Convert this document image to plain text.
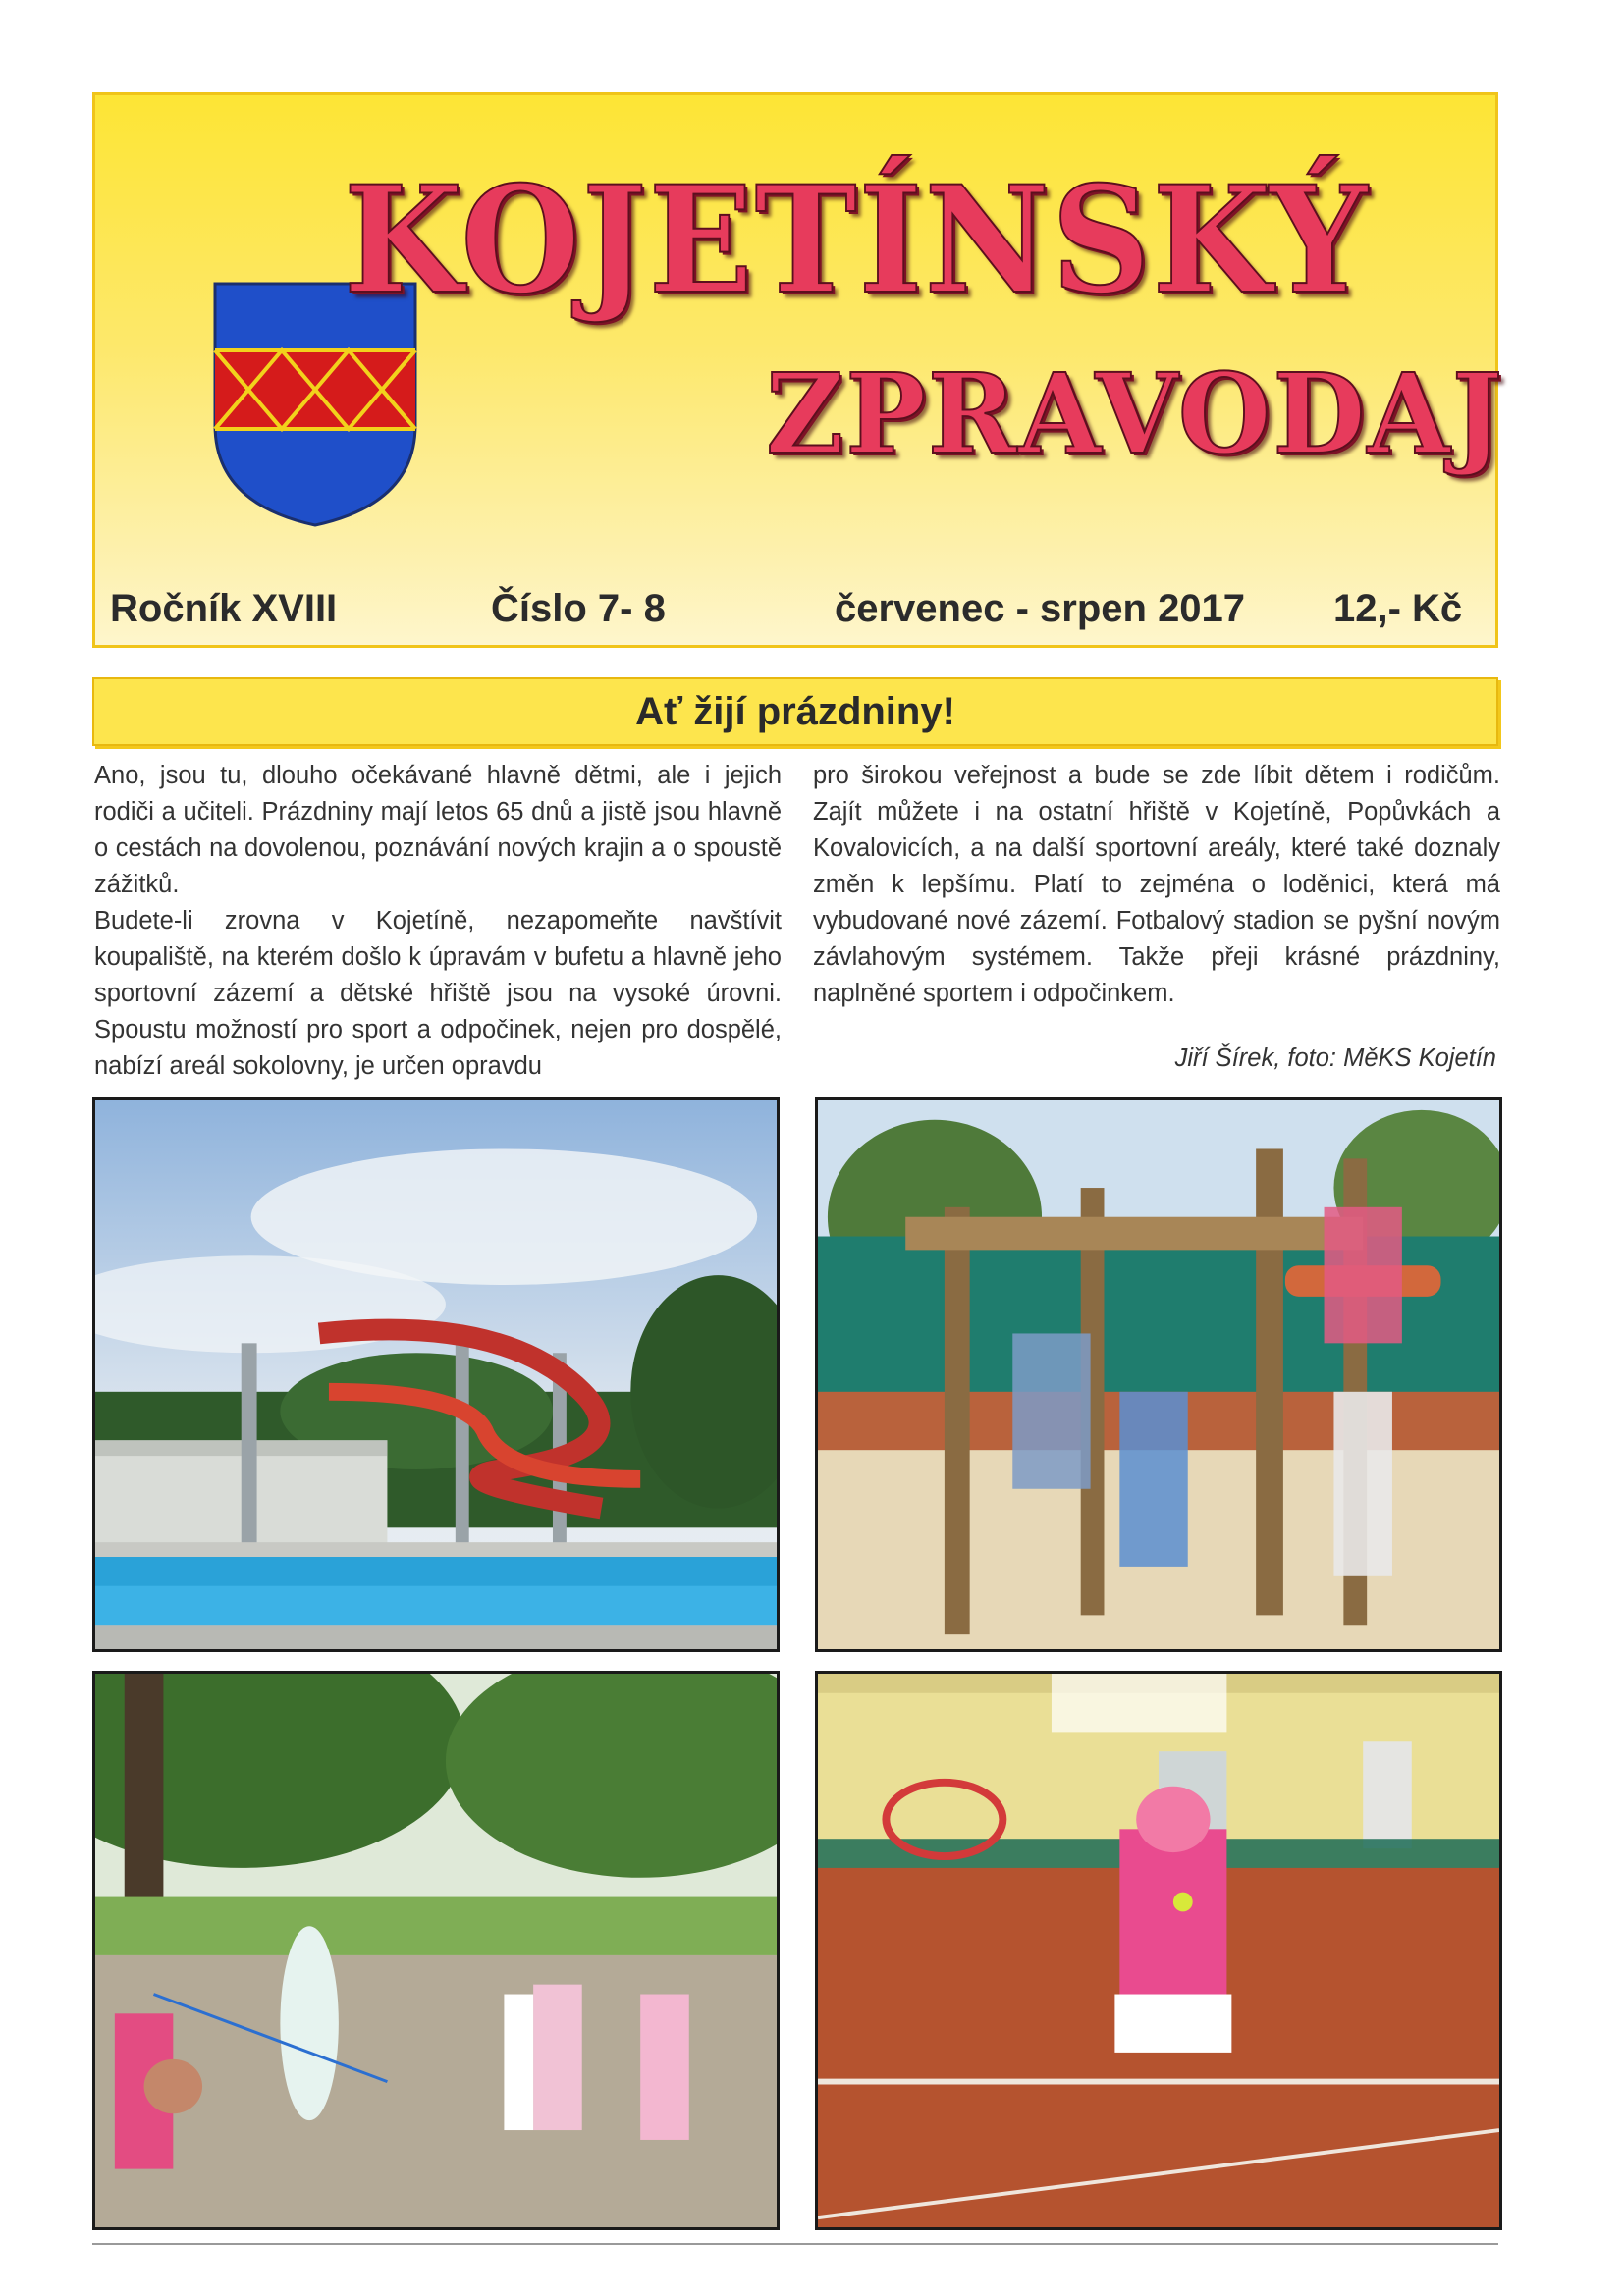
KOJETÍNSKÝ
ZPRAVODAJ
Ročník XVIII	Číslo 7- 8	červenec - srpen 2017 12,- Kč
Ať žijí prázdniny!

Ano, jsou tu, dlouho očekávané hlavně dětmi, ale i jejich rodiči a učiteli. Prázdniny mají letos 65 dnů a jistě jsou hlavně o cestách na dovolenou, poznávání nových krajin a o spoustě zážitků.

Budete-li zrovna v Kojetíně, nezapomeňte navštívit koupaliště, na kterém došlo k úpravám v bufetu a hlavně jeho sportovní zázemí a dětské hřiště jsou na vysoké úrovni. Spoustu možností pro sport a odpočinek, nejen pro dospělé, nabízí areál sokolovny, je určen opravdu

pro širokou veřejnost a bude se zde líbit dětem i rodičům. Zajít můžete i na ostatní hřiště v Kojetíně, Popůvkách a Kovalovicích, a na další sportovní areály, které také doznaly změn k lepšímu. Platí to zejména o loděnici, která má vybudované nové zázemí. Fotbalový stadion se pyšní novým závlahovým systémem. Takže přeji krásné prázdniny, naplněné sportem i odpočinkem.

Jiří Šírek, foto: MěKS Kojetín
